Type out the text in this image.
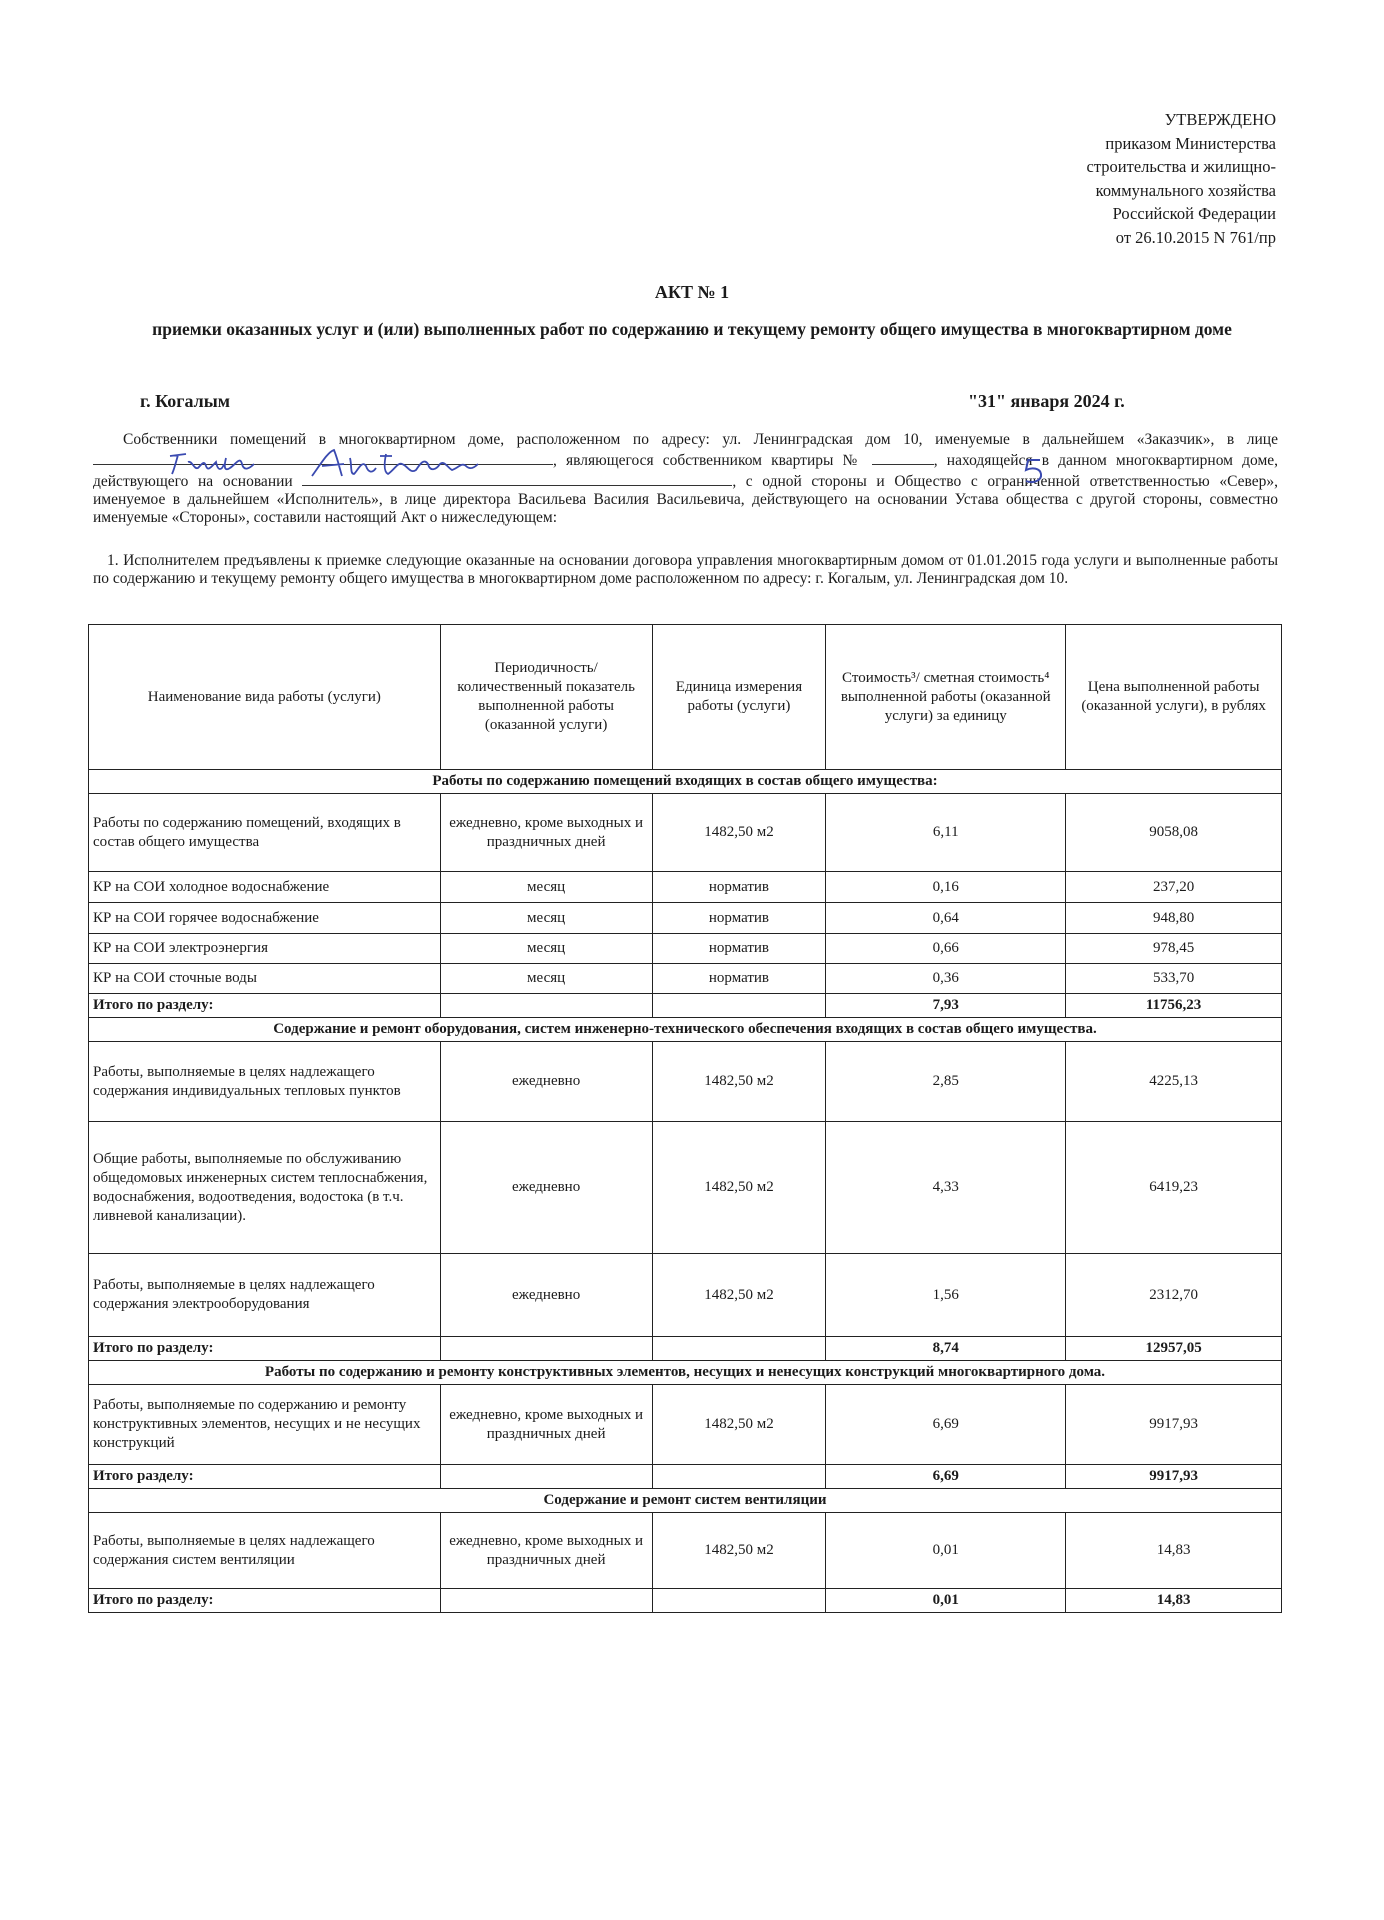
УТВЕРЖДЕНО
приказом Министерства
строительства и жилищно-
коммунального хозяйства
Российской Федерации
от 26.10.2015 N 761/пр
АКТ № 1
приемки оказанных услуг и (или) выполненных работ по содержанию и текущему ремонту общего имущества в многоквартирном доме
г. Когалым	"31" января 2024 г.
Собственники помещений в многоквартирном доме, расположенном по адресу: ул. Ленинградская дом 10, именуемые в дальнейшем «Заказчик», в лице , являющегося собственником квартиры №	, находящейся в данном многоквартирном доме, действующего на основании	, с одной стороны и Общество с ограниченной ответственностью «Север», именуемое в дальнейшем «Исполнитель», в лице директора Васильева Василия Васильевича, действующего на основании Устава общества с другой стороны, совместно именуемые «Стороны», составили настоящий Акт о нижеследующем:
1. Исполнителем предъявлены к приемке следующие оказанные на основании договора управления многоквартирным домом от 01.01.2015 года услуги и выполненные работы по содержанию и текущему ремонту общего имущества в многоквартирном доме расположенном по адресу: г. Когалым, ул. Ленинградская дом 10.
Наименование вида работы (услуги)	Периодичность/ количественный показатель выполненной работы (оказанной услуги)	Единица измерения работы (услуги)	Стоимость³/ сметная стоимость⁴ выполненной работы (оказанной услуги) за единицу	Цена выполненной работы (оказанной услуги), в рублях
Работы по содержанию помещений входящих в состав общего имущества:				
Работы по содержанию помещений, входящих в состав общего имущества	ежедневно, кроме выходных и праздничных дней	1482,50 м2	6,11	9058,08
КР на СОИ холодное водоснабжение	месяц	норматив	0,16	237,20
КР на СОИ горячее водоснабжение	месяц	норматив	0,64	948,80
КР на СОИ электроэнергия	месяц	норматив	0,66	978,45
КР на СОИ сточные воды	месяц	норматив	0,36	533,70
Итого по разделу:			7,93	11756,23
Содержание и ремонт оборудования, систем инженерно-технического обеспечения входящих в состав общего имущества.				
Работы, выполняемые в целях надлежащего содержания индивидуальных тепловых пунктов	ежедневно	1482,50 м2	2,85	4225,13
Общие работы, выполняемые по обслуживанию общедомовых инженерных систем теплоснабжения, водоснабжения, водоотведения, водостока (в т.ч. ливневой канализации).	ежедневно	1482,50 м2	4,33	6419,23
Работы, выполняемые в целях надлежащего содержания электрооборудования	ежедневно	1482,50 м2	1,56	2312,70
Итого по разделу:			8,74	12957,05
Работы по содержанию и ремонту конструктивных элементов, несущих и ненесущих конструкций многоквартирного дома.				
Работы, выполняемые по содержанию и ремонту конструктивных элементов, несущих и не несущих конструкций	ежедневно, кроме выходных и праздничных дней	1482,50 м2	6,69	9917,93
Итого разделу:			6,69	9917,93
Содержание и ремонт систем вентиляции				
Работы, выполняемые в целях надлежащего содержания систем вентиляции	ежедневно, кроме выходных и праздничных дней	1482,50 м2	0,01	14,83
Итого по разделу:			0,01	14,83
